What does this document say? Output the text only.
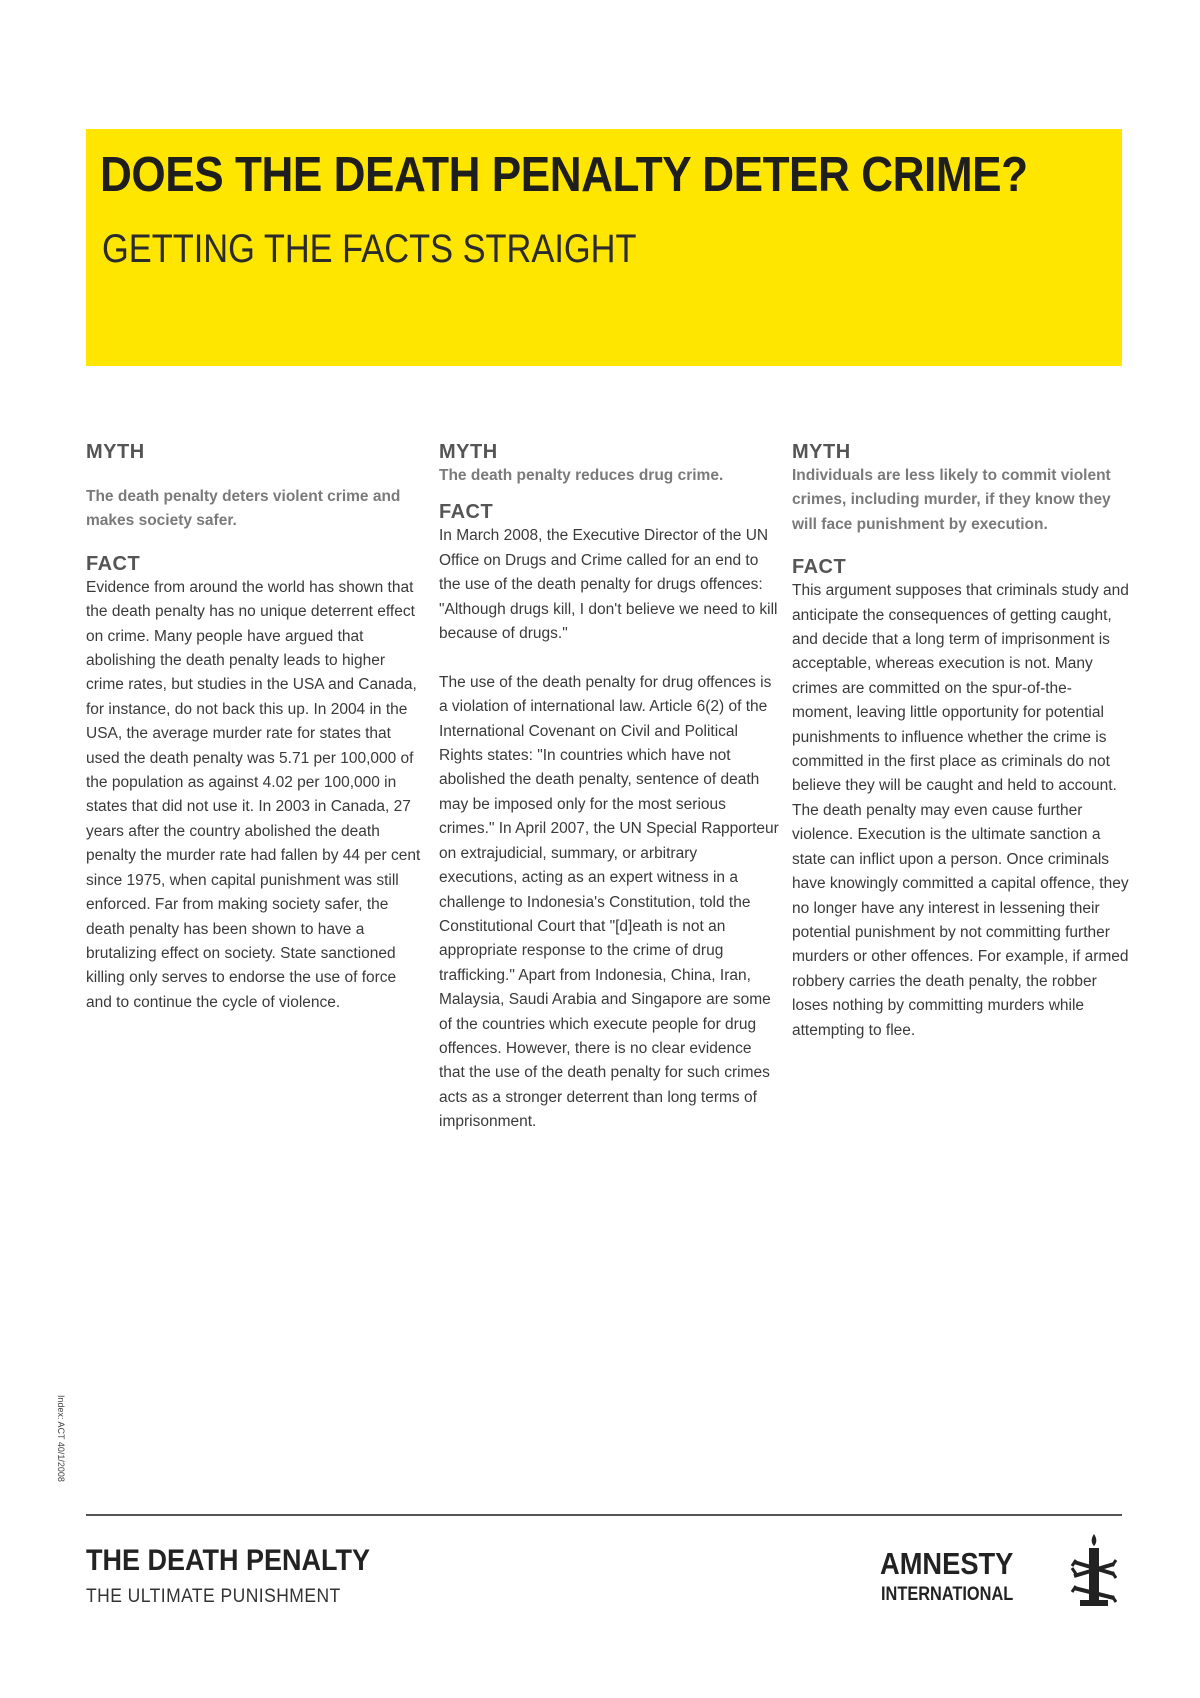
DOES THE DEATH PENALTY DETER CRIME?
GETTING THE FACTS STRAIGHT

MYTH

The death penalty deters violent crime and makes society safer.

FACT

Evidence from around the world has shown that the death penalty has no unique deterrent effect on crime. Many people have argued that abolishing the death penalty leads to higher crime rates, but studies in the USA and Canada, for instance, do not back this up. In 2004 in the USA, the average murder rate for states that used the death penalty was 5.71 per 100,000 of the population as against 4.02 per 100,000 in states that did not use it. In 2003 in Canada, 27 years after the country abolished the death penalty the murder rate had fallen by 44 per cent since 1975, when capital punishment was still enforced. Far from making society safer, the death penalty has been shown to have a brutalizing effect on society. State sanctioned killing only serves to endorse the use of force and to continue the cycle of violence.

MYTH

The death penalty reduces drug crime.

FACT

In March 2008, the Executive Director of the UN Office on Drugs and Crime called for an end to the use of the death penalty for drugs offences: "Although drugs kill, I don't believe we need to kill because of drugs."

The use of the death penalty for drug offences is a violation of international law. Article 6(2) of the International Covenant on Civil and Political Rights states: "In countries which have not abolished the death penalty, sentence of death may be imposed only for the most serious crimes." In April 2007, the UN Special Rapporteur on extrajudicial, summary, or arbitrary executions, acting as an expert witness in a challenge to Indonesia's Constitution, told the Constitutional Court that "[d]eath is not an appropriate response to the crime of drug trafficking." Apart from Indonesia, China, Iran, Malaysia, Saudi Arabia and Singapore are some of the countries which execute people for drug offences. However, there is no clear evidence that the use of the death penalty for such crimes acts as a stronger deterrent than long terms of imprisonment.

MYTH

Individuals are less likely to commit violent crimes, including murder, if they know they will face punishment by execution.

FACT

This argument supposes that criminals study and anticipate the consequences of getting caught, and decide that a long term of imprisonment is acceptable, whereas execution is not. Many crimes are committed on the spur-of-the-moment, leaving little opportunity for potential punishments to influence whether the crime is committed in the first place as criminals do not believe they will be caught and held to account. The death penalty may even cause further violence. Execution is the ultimate sanction a state can inflict upon a person. Once criminals have knowingly committed a capital offence, they no longer have any interest in lessening their potential punishment by not committing further murders or other offences. For example, if armed robbery carries the death penalty, the robber loses nothing by committing murders while attempting to flee.

Index: ACT 40/1/2008

THE DEATH PENALTY

THE ULTIMATE PUNISHMENT

AMNESTY
INTERNATIONAL
